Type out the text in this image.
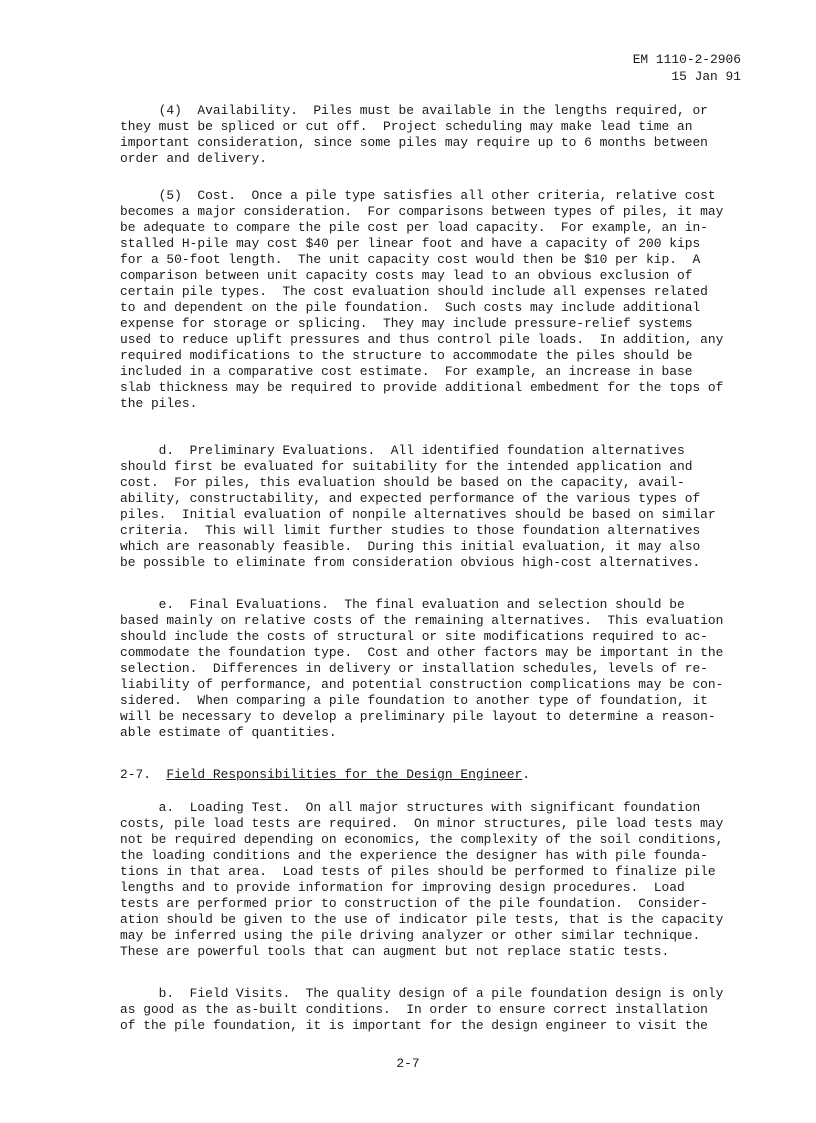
EM 1110-2-2906
15 Jan 91
(4)  Availability.  Piles must be available in the lengths required, or
they must be spliced or cut off.  Project scheduling may make lead time an
important consideration, since some piles may require up to 6 months between
order and delivery.
(5)  Cost.  Once a pile type satisfies all other criteria, relative cost
becomes a major consideration.  For comparisons between types of piles, it may
be adequate to compare the pile cost per load capacity.  For example, an in-
stalled H-pile may cost $40 per linear foot and have a capacity of 200 kips
for a 50-foot length.  The unit capacity cost would then be $10 per kip.  A
comparison between unit capacity costs may lead to an obvious exclusion of
certain pile types.  The cost evaluation should include all expenses related
to and dependent on the pile foundation.  Such costs may include additional
expense for storage or splicing.  They may include pressure-relief systems
used to reduce uplift pressures and thus control pile loads.  In addition, any
required modifications to the structure to accommodate the piles should be
included in a comparative cost estimate.  For example, an increase in base
slab thickness may be required to provide additional embedment for the tops of
the piles.
d.  Preliminary Evaluations.  All identified foundation alternatives
should first be evaluated for suitability for the intended application and
cost.  For piles, this evaluation should be based on the capacity, avail-
ability, constructability, and expected performance of the various types of
piles.  Initial evaluation of nonpile alternatives should be based on similar
criteria.  This will limit further studies to those foundation alternatives
which are reasonably feasible.  During this initial evaluation, it may also
be possible to eliminate from consideration obvious high-cost alternatives.
e.  Final Evaluations.  The final evaluation and selection should be
based mainly on relative costs of the remaining alternatives.  This evaluation
should include the costs of structural or site modifications required to ac-
commodate the foundation type.  Cost and other factors may be important in the
selection.  Differences in delivery or installation schedules, levels of re-
liability of performance, and potential construction complications may be con-
sidered.  When comparing a pile foundation to another type of foundation, it
will be necessary to develop a preliminary pile layout to determine a reason-
able estimate of quantities.
a.  Loading Test.  On all major structures with significant foundation
costs, pile load tests are required.  On minor structures, pile load tests may
not be required depending on economics, the complexity of the soil conditions,
the loading conditions and the experience the designer has with pile founda-
tions in that area.  Load tests of piles should be performed to finalize pile
lengths and to provide information for improving design procedures.  Load
tests are performed prior to construction of the pile foundation.  Consider-
ation should be given to the use of indicator pile tests, that is the capacity
may be inferred using the pile driving analyzer or other similar technique.
These are powerful tools that can augment but not replace static tests.
b.  Field Visits.  The quality design of a pile foundation design is only
as good as the as-built conditions.  In order to ensure correct installation
of the pile foundation, it is important for the design engineer to visit the
2-7.  Field Responsibilities for the Design Engineer.
2-7
